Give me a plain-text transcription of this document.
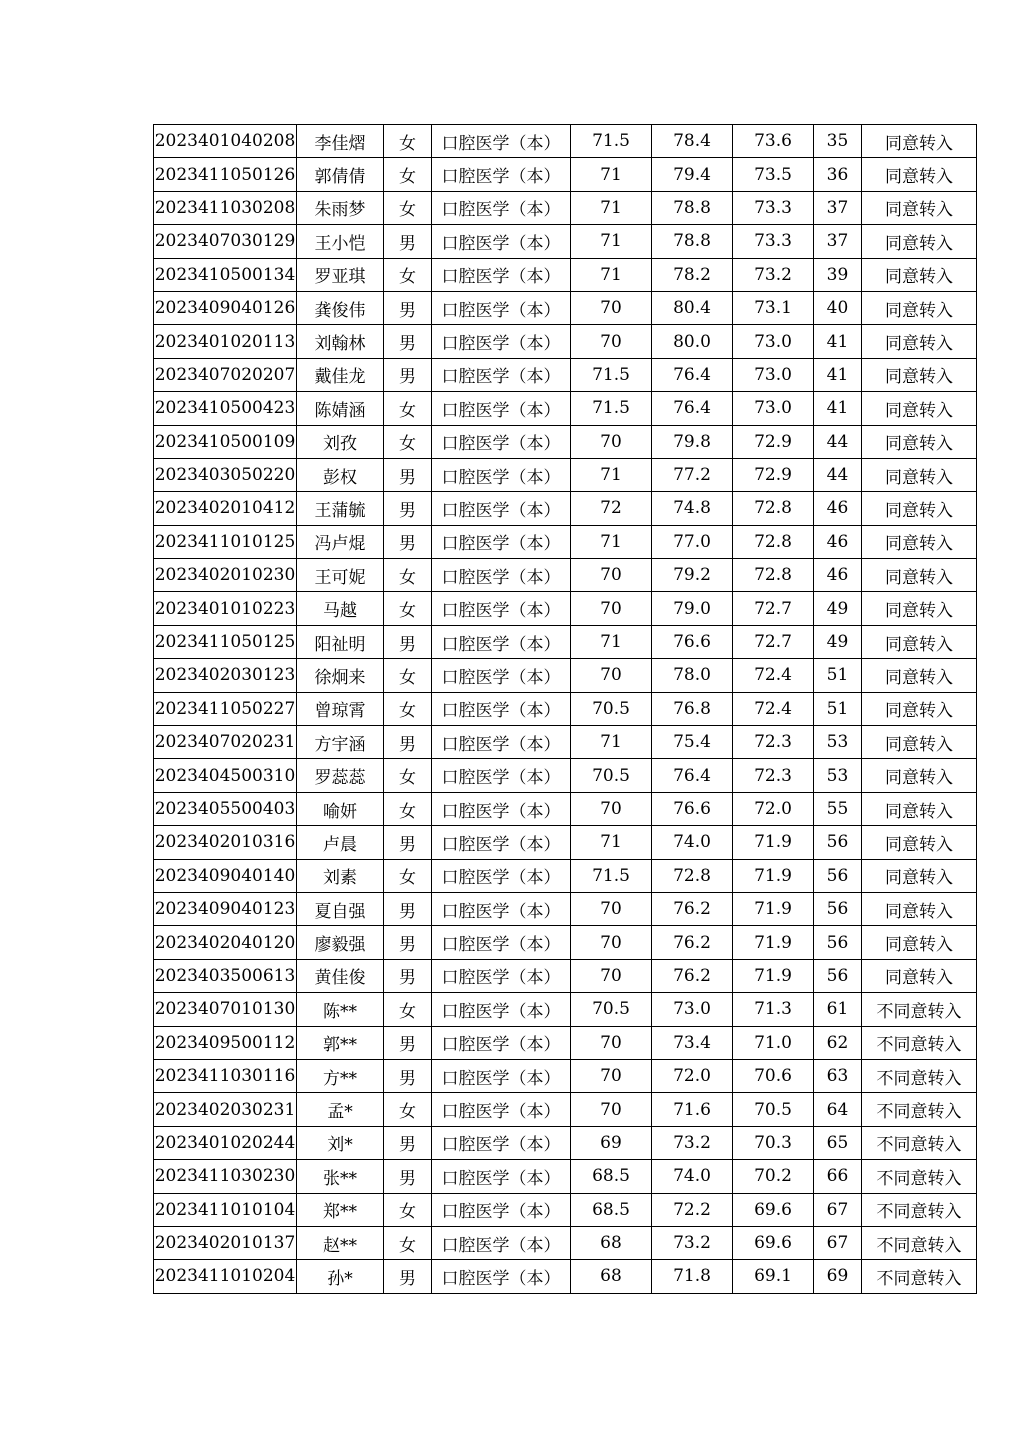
2023401040208	李佳熠	女	口腔医学（本）	71.5	78.4	73.6	35	同意转入
2023411050126	郭倩倩	女	口腔医学（本）	71	79.4	73.5	36	同意转入
2023411030208	朱雨梦	女	口腔医学（本）	71	78.8	73.3	37	同意转入
2023407030129	王小恺	男	口腔医学（本）	71	78.8	73.3	37	同意转入
2023410500134	罗亚琪	女	口腔医学（本）	71	78.2	73.2	39	同意转入
2023409040126	龚俊伟	男	口腔医学（本）	70	80.4	73.1	40	同意转入
2023401020113	刘翰林	男	口腔医学（本）	70	80.0	73.0	41	同意转入
2023407020207	戴佳龙	男	口腔医学（本）	71.5	76.4	73.0	41	同意转入
2023410500423	陈婧涵	女	口腔医学（本）	71.5	76.4	73.0	41	同意转入
2023410500109	刘孜	女	口腔医学（本）	70	79.8	72.9	44	同意转入
2023403050220	彭权	男	口腔医学（本）	71	77.2	72.9	44	同意转入
2023402010412	王蒲毓	男	口腔医学（本）	72	74.8	72.8	46	同意转入
2023411010125	冯卢焜	男	口腔医学（本）	71	77.0	72.8	46	同意转入
2023402010230	王可妮	女	口腔医学（本）	70	79.2	72.8	46	同意转入
2023401010223	马越	女	口腔医学（本）	70	79.0	72.7	49	同意转入
2023411050125	阳祉明	男	口腔医学（本）	71	76.6	72.7	49	同意转入
2023402030123	徐炯来	女	口腔医学（本）	70	78.0	72.4	51	同意转入
2023411050227	曾琼霄	女	口腔医学（本）	70.5	76.8	72.4	51	同意转入
2023407020231	方宇涵	男	口腔医学（本）	71	75.4	72.3	53	同意转入
2023404500310	罗蕊蕊	女	口腔医学（本）	70.5	76.4	72.3	53	同意转入
2023405500403	喻妍	女	口腔医学（本）	70	76.6	72.0	55	同意转入
2023402010316	卢晨	男	口腔医学（本）	71	74.0	71.9	56	同意转入
2023409040140	刘素	女	口腔医学（本）	71.5	72.8	71.9	56	同意转入
2023409040123	夏自强	男	口腔医学（本）	70	76.2	71.9	56	同意转入
2023402040120	廖毅强	男	口腔医学（本）	70	76.2	71.9	56	同意转入
2023403500613	黄佳俊	男	口腔医学（本）	70	76.2	71.9	56	同意转入
2023407010130	陈**	女	口腔医学（本）	70.5	73.0	71.3	61	不同意转入
2023409500112	郭**	男	口腔医学（本）	70	73.4	71.0	62	不同意转入
2023411030116	方**	男	口腔医学（本）	70	72.0	70.6	63	不同意转入
2023402030231	孟*	女	口腔医学（本）	70	71.6	70.5	64	不同意转入
2023401020244	刘*	男	口腔医学（本）	69	73.2	70.3	65	不同意转入
2023411030230	张**	男	口腔医学（本）	68.5	74.0	70.2	66	不同意转入
2023411010104	郑**	女	口腔医学（本）	68.5	72.2	69.6	67	不同意转入
2023402010137	赵**	女	口腔医学（本）	68	73.2	69.6	67	不同意转入
2023411010204	孙*	男	口腔医学（本）	68	71.8	69.1	69	不同意转入
